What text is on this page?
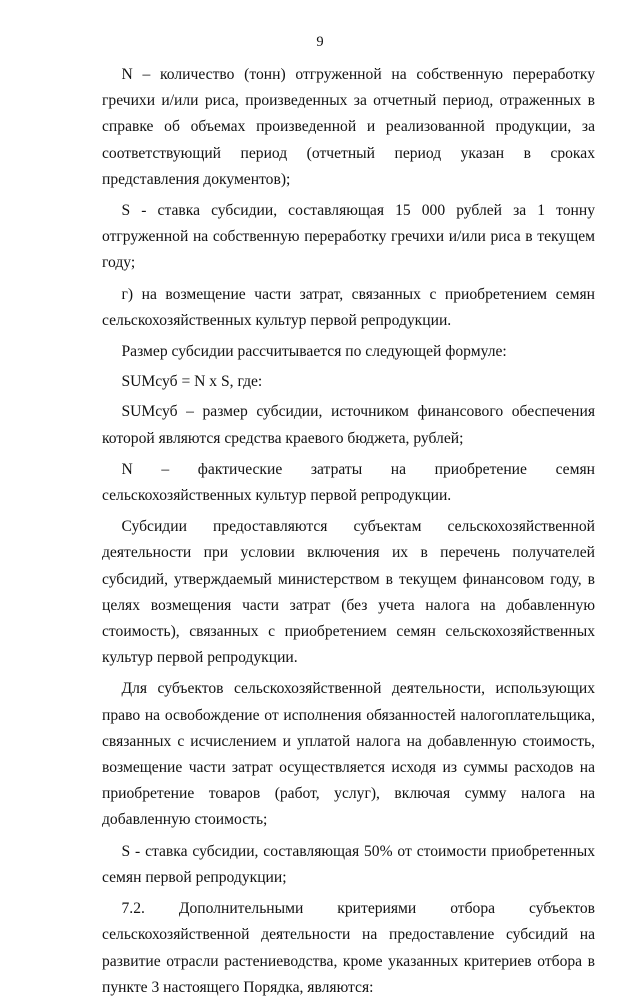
9

N – количество (тонн) отгруженной на собственную переработку гречихи и/или риса, произведенных за отчетный период, отраженных в справке об объемах произведенной и реализованной продукции, за соответствующий период (отчетный период указан в сроках представления документов);

S - ставка субсидии, составляющая 15 000 рублей за 1 тонну отгруженной на собственную переработку гречихи и/или риса в текущем году;

г) на возмещение части затрат, связанных с приобретением семян сельскохозяйственных культур первой репродукции.

Размер субсидии рассчитывается по следующей формуле:

SUMсуб = N x S, где:

SUMсуб – размер субсидии, источником финансового обеспечения которой являются средства краевого бюджета, рублей;

N – фактические затраты на приобретение семян сельскохозяйственных культур первой репродукции.

Субсидии предоставляются субъектам сельскохозяйственной деятельности при условии включения их в перечень получателей субсидий, утверждаемый министерством в текущем финансовом году, в целях возмещения части затрат (без учета налога на добавленную стоимость), связанных с приобретением семян сельскохозяйственных культур первой репродукции.

Для субъектов сельскохозяйственной деятельности, использующих право на освобождение от исполнения обязанностей налогоплательщика, связанных с исчислением и уплатой налога на добавленную стоимость, возмещение части затрат осуществляется исходя из суммы расходов на приобретение товаров (работ, услуг), включая сумму налога на добавленную стоимость;

S - ставка субсидии, составляющая 50% от стоимости приобретенных семян первой репродукции;

7.2. Дополнительными критериями отбора субъектов сельскохозяйственной деятельности на предоставление субсидий на развитие отрасли растениеводства, кроме указанных критериев отбора в пункте 3 настоящего Порядка, являются:
